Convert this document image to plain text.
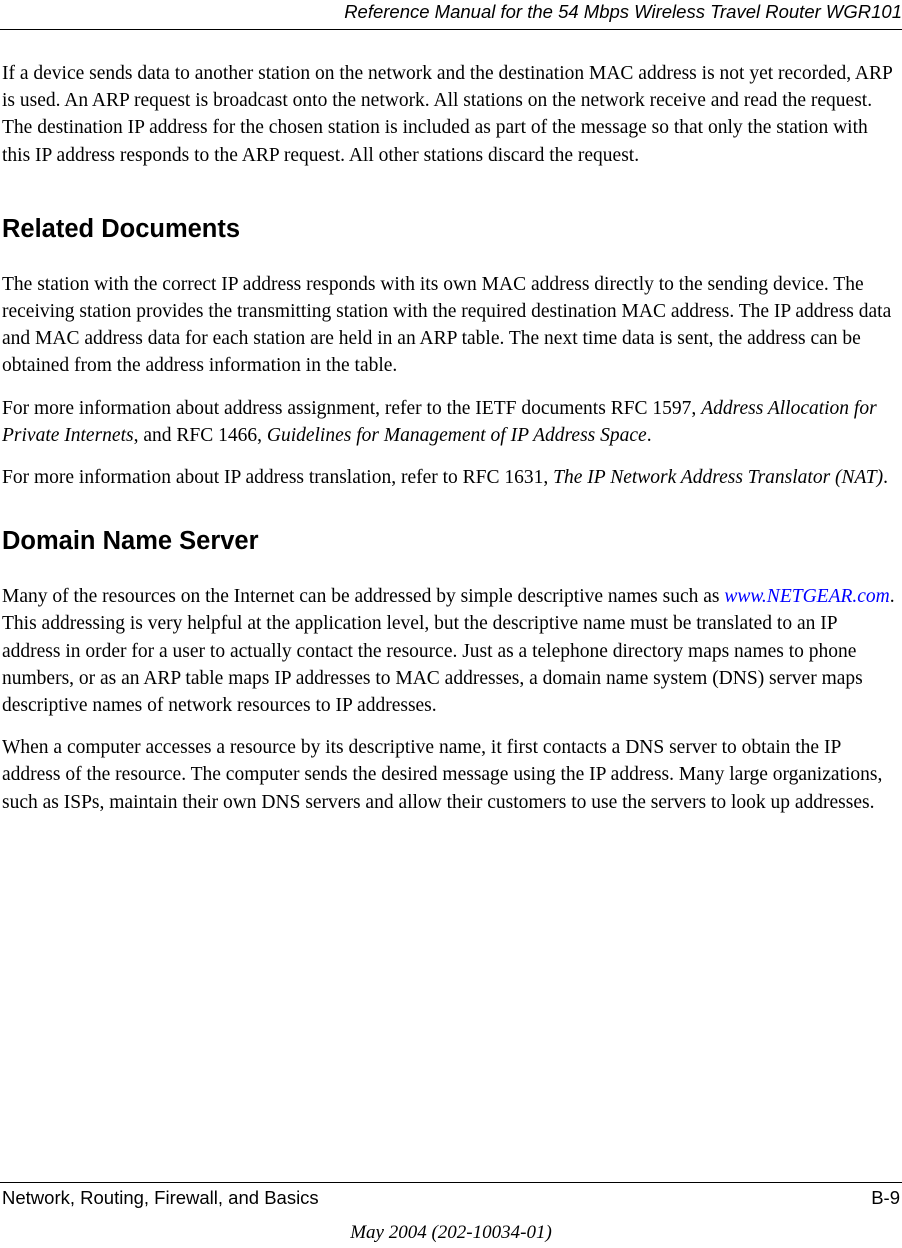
Reference Manual for the 54 Mbps Wireless Travel Router WGR101

If a device sends data to another station on the network and the destination MAC address is not yet recorded, ARP is used. An ARP request is broadcast onto the network. All stations on the network receive and read the request. The destination IP address for the chosen station is included as part of the message so that only the station with this IP address responds to the ARP request. All other stations discard the request.

Related Documents

The station with the correct IP address responds with its own MAC address directly to the sending device. The receiving station provides the transmitting station with the required destination MAC address. The IP address data and MAC address data for each station are held in an ARP table. The next time data is sent, the address can be obtained from the address information in the table.

For more information about address assignment, refer to the IETF documents RFC 1597, Address Allocation for Private Internets, and RFC 1466, Guidelines for Management of IP Address Space.

For more information about IP address translation, refer to RFC 1631, The IP Network Address Translator (NAT).

Domain Name Server

Many of the resources on the Internet can be addressed by simple descriptive names such as www.NETGEAR.com. This addressing is very helpful at the application level, but the descriptive name must be translated to an IP address in order for a user to actually contact the resource. Just as a telephone directory maps names to phone numbers, or as an ARP table maps IP addresses to MAC addresses, a domain name system (DNS) server maps descriptive names of network resources to IP addresses.

When a computer accesses a resource by its descriptive name, it first contacts a DNS server to obtain the IP address of the resource. The computer sends the desired message using the IP address. Many large organizations, such as ISPs, maintain their own DNS servers and allow their customers to use the servers to look up addresses.

Network, Routing, Firewall, and Basics	B-9
May 2004 (202-10034-01)
